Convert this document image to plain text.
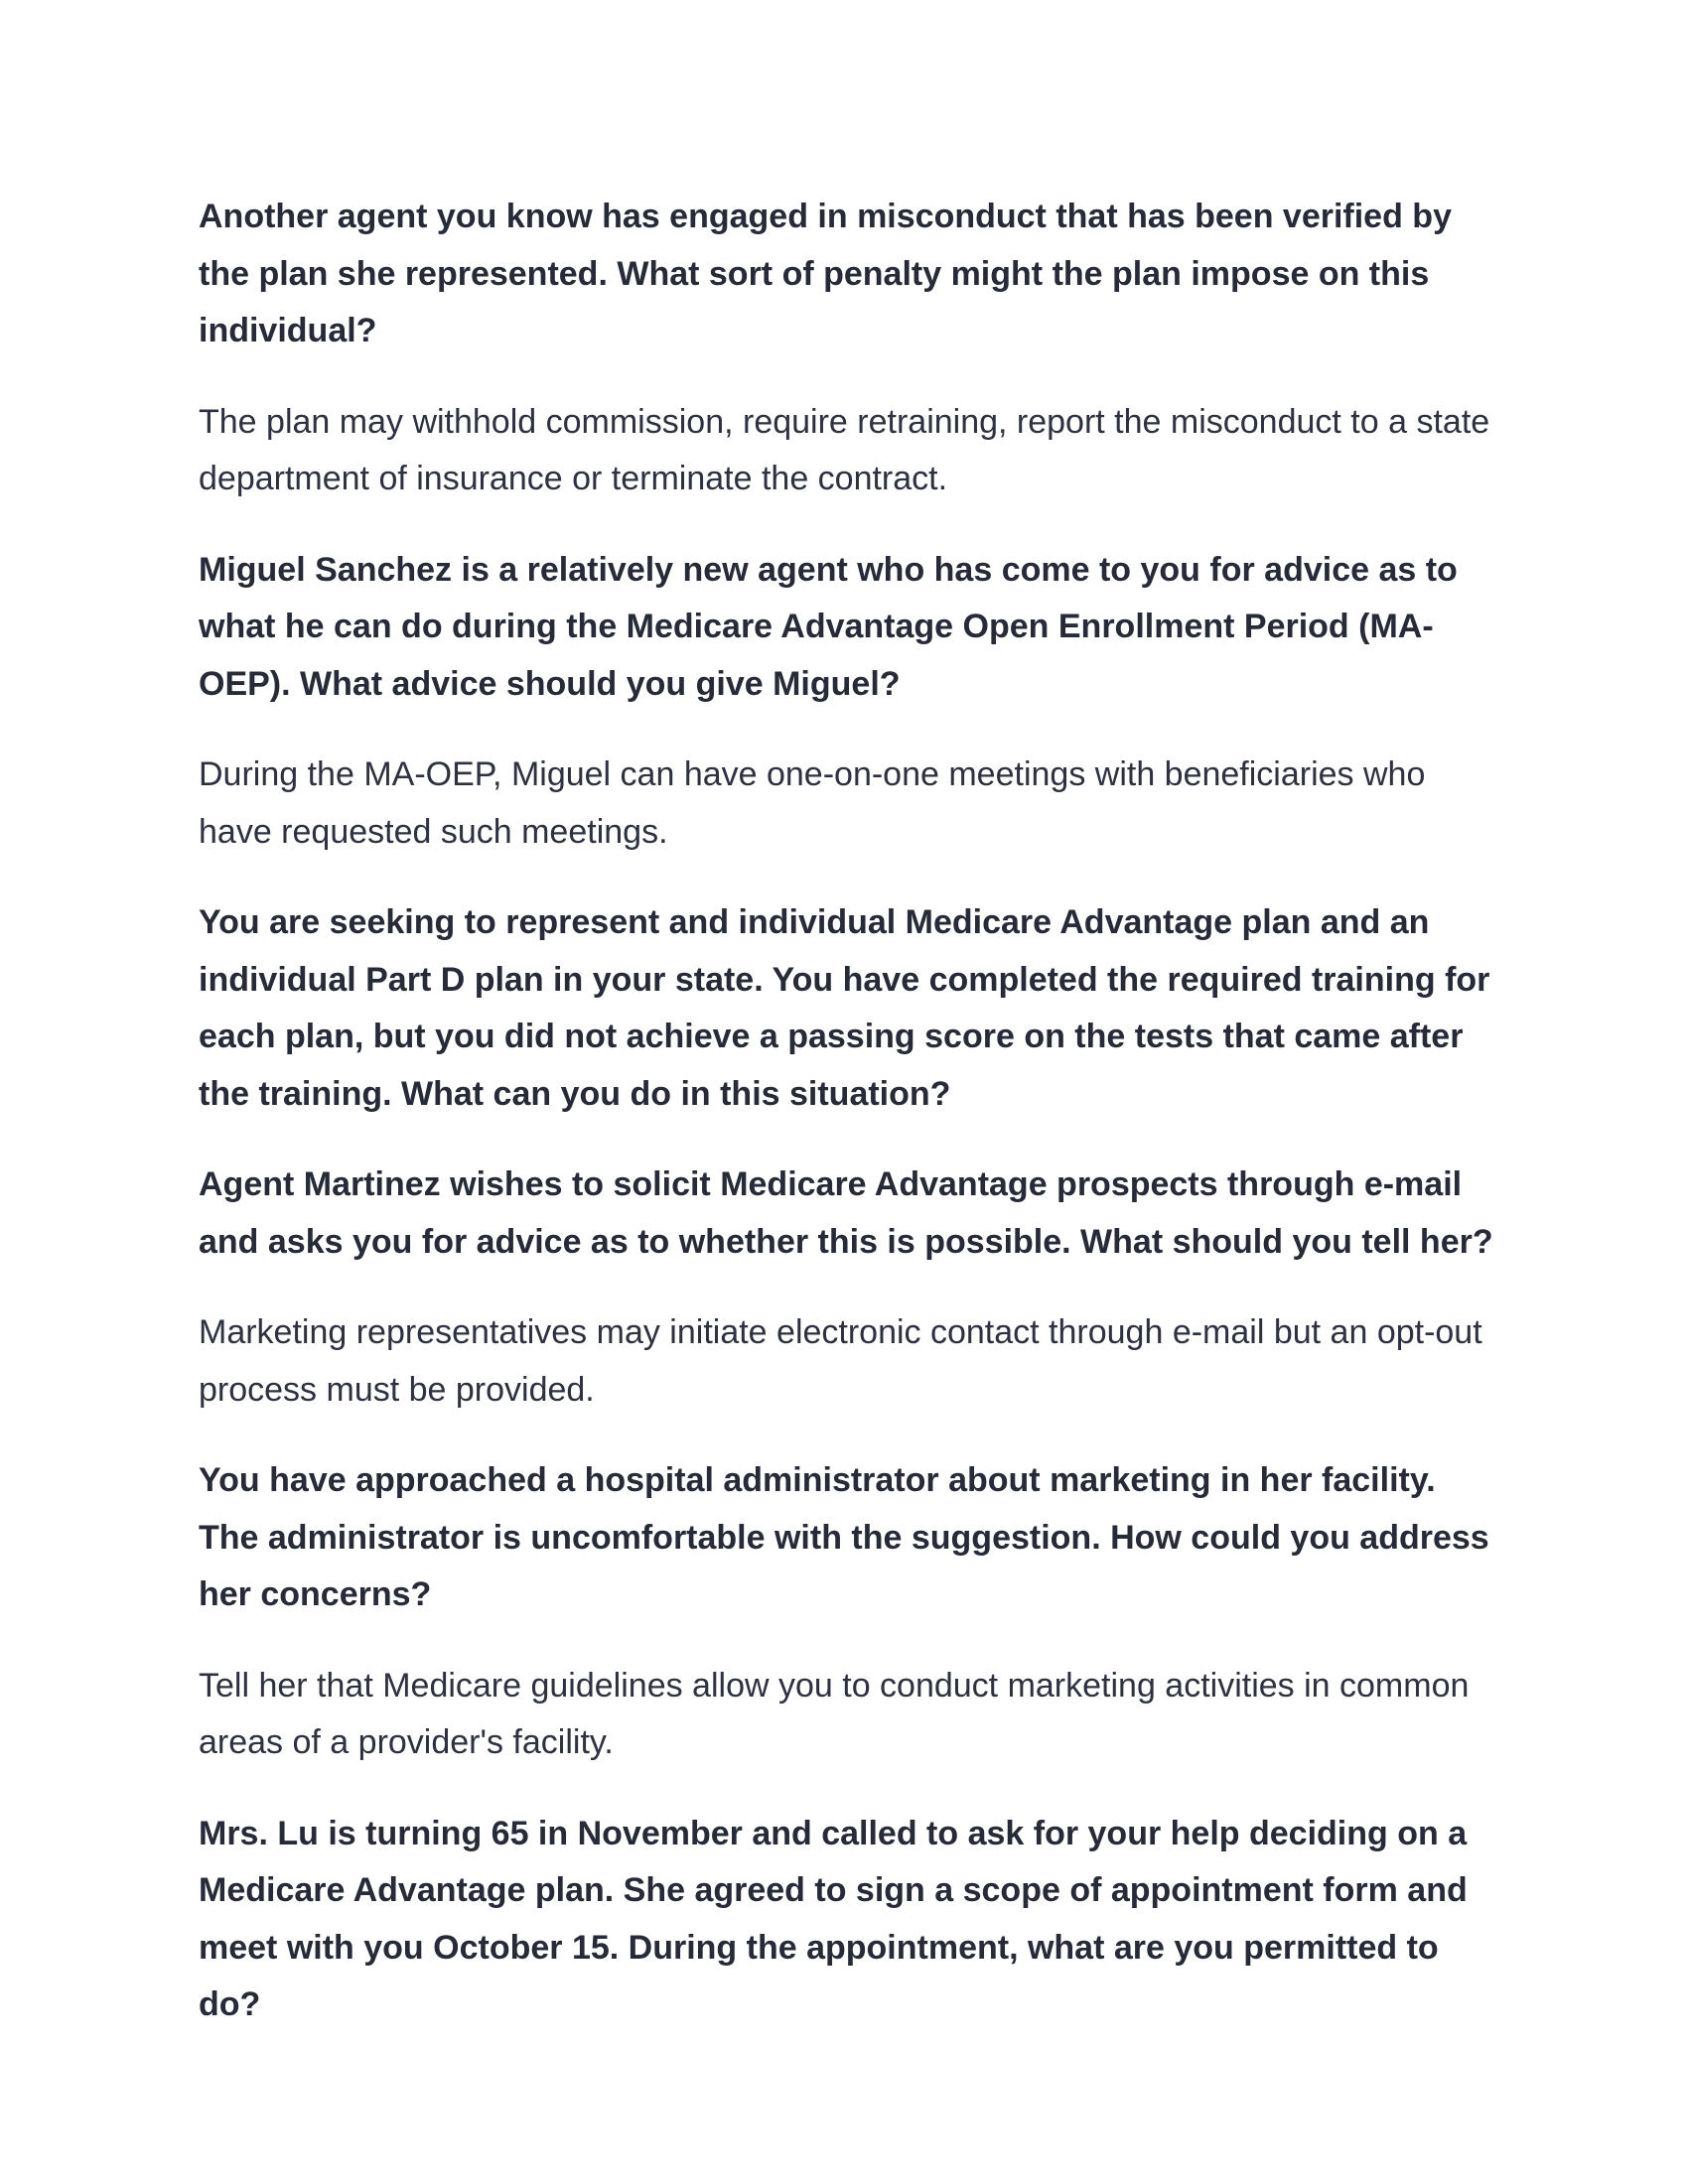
Another agent you know has engaged in misconduct that has been verified by the plan she represented. What sort of penalty might the plan impose on this individual?

The plan may withhold commission, require retraining, report the misconduct to a state department of insurance or terminate the contract.

Miguel Sanchez is a relatively new agent who has come to you for advice as to what he can do during the Medicare Advantage Open Enrollment Period (MA-OEP). What advice should you give Miguel?

During the MA-OEP, Miguel can have one-on-one meetings with beneficiaries who have requested such meetings.

You are seeking to represent and individual Medicare Advantage plan and an individual Part D plan in your state. You have completed the required training for each plan, but you did not achieve a passing score on the tests that came after the training. What can you do in this situation?

Agent Martinez wishes to solicit Medicare Advantage prospects through e-mail and asks you for advice as to whether this is possible. What should you tell her?

Marketing representatives may initiate electronic contact through e-mail but an opt-out process must be provided.

You have approached a hospital administrator about marketing in her facility. The administrator is uncomfortable with the suggestion. How could you address her concerns?

Tell her that Medicare guidelines allow you to conduct marketing activities in common areas of a provider's facility.

Mrs. Lu is turning 65 in November and called to ask for your help deciding on a Medicare Advantage plan. She agreed to sign a scope of appointment form and meet with you October 15. During the appointment, what are you permitted to do?
